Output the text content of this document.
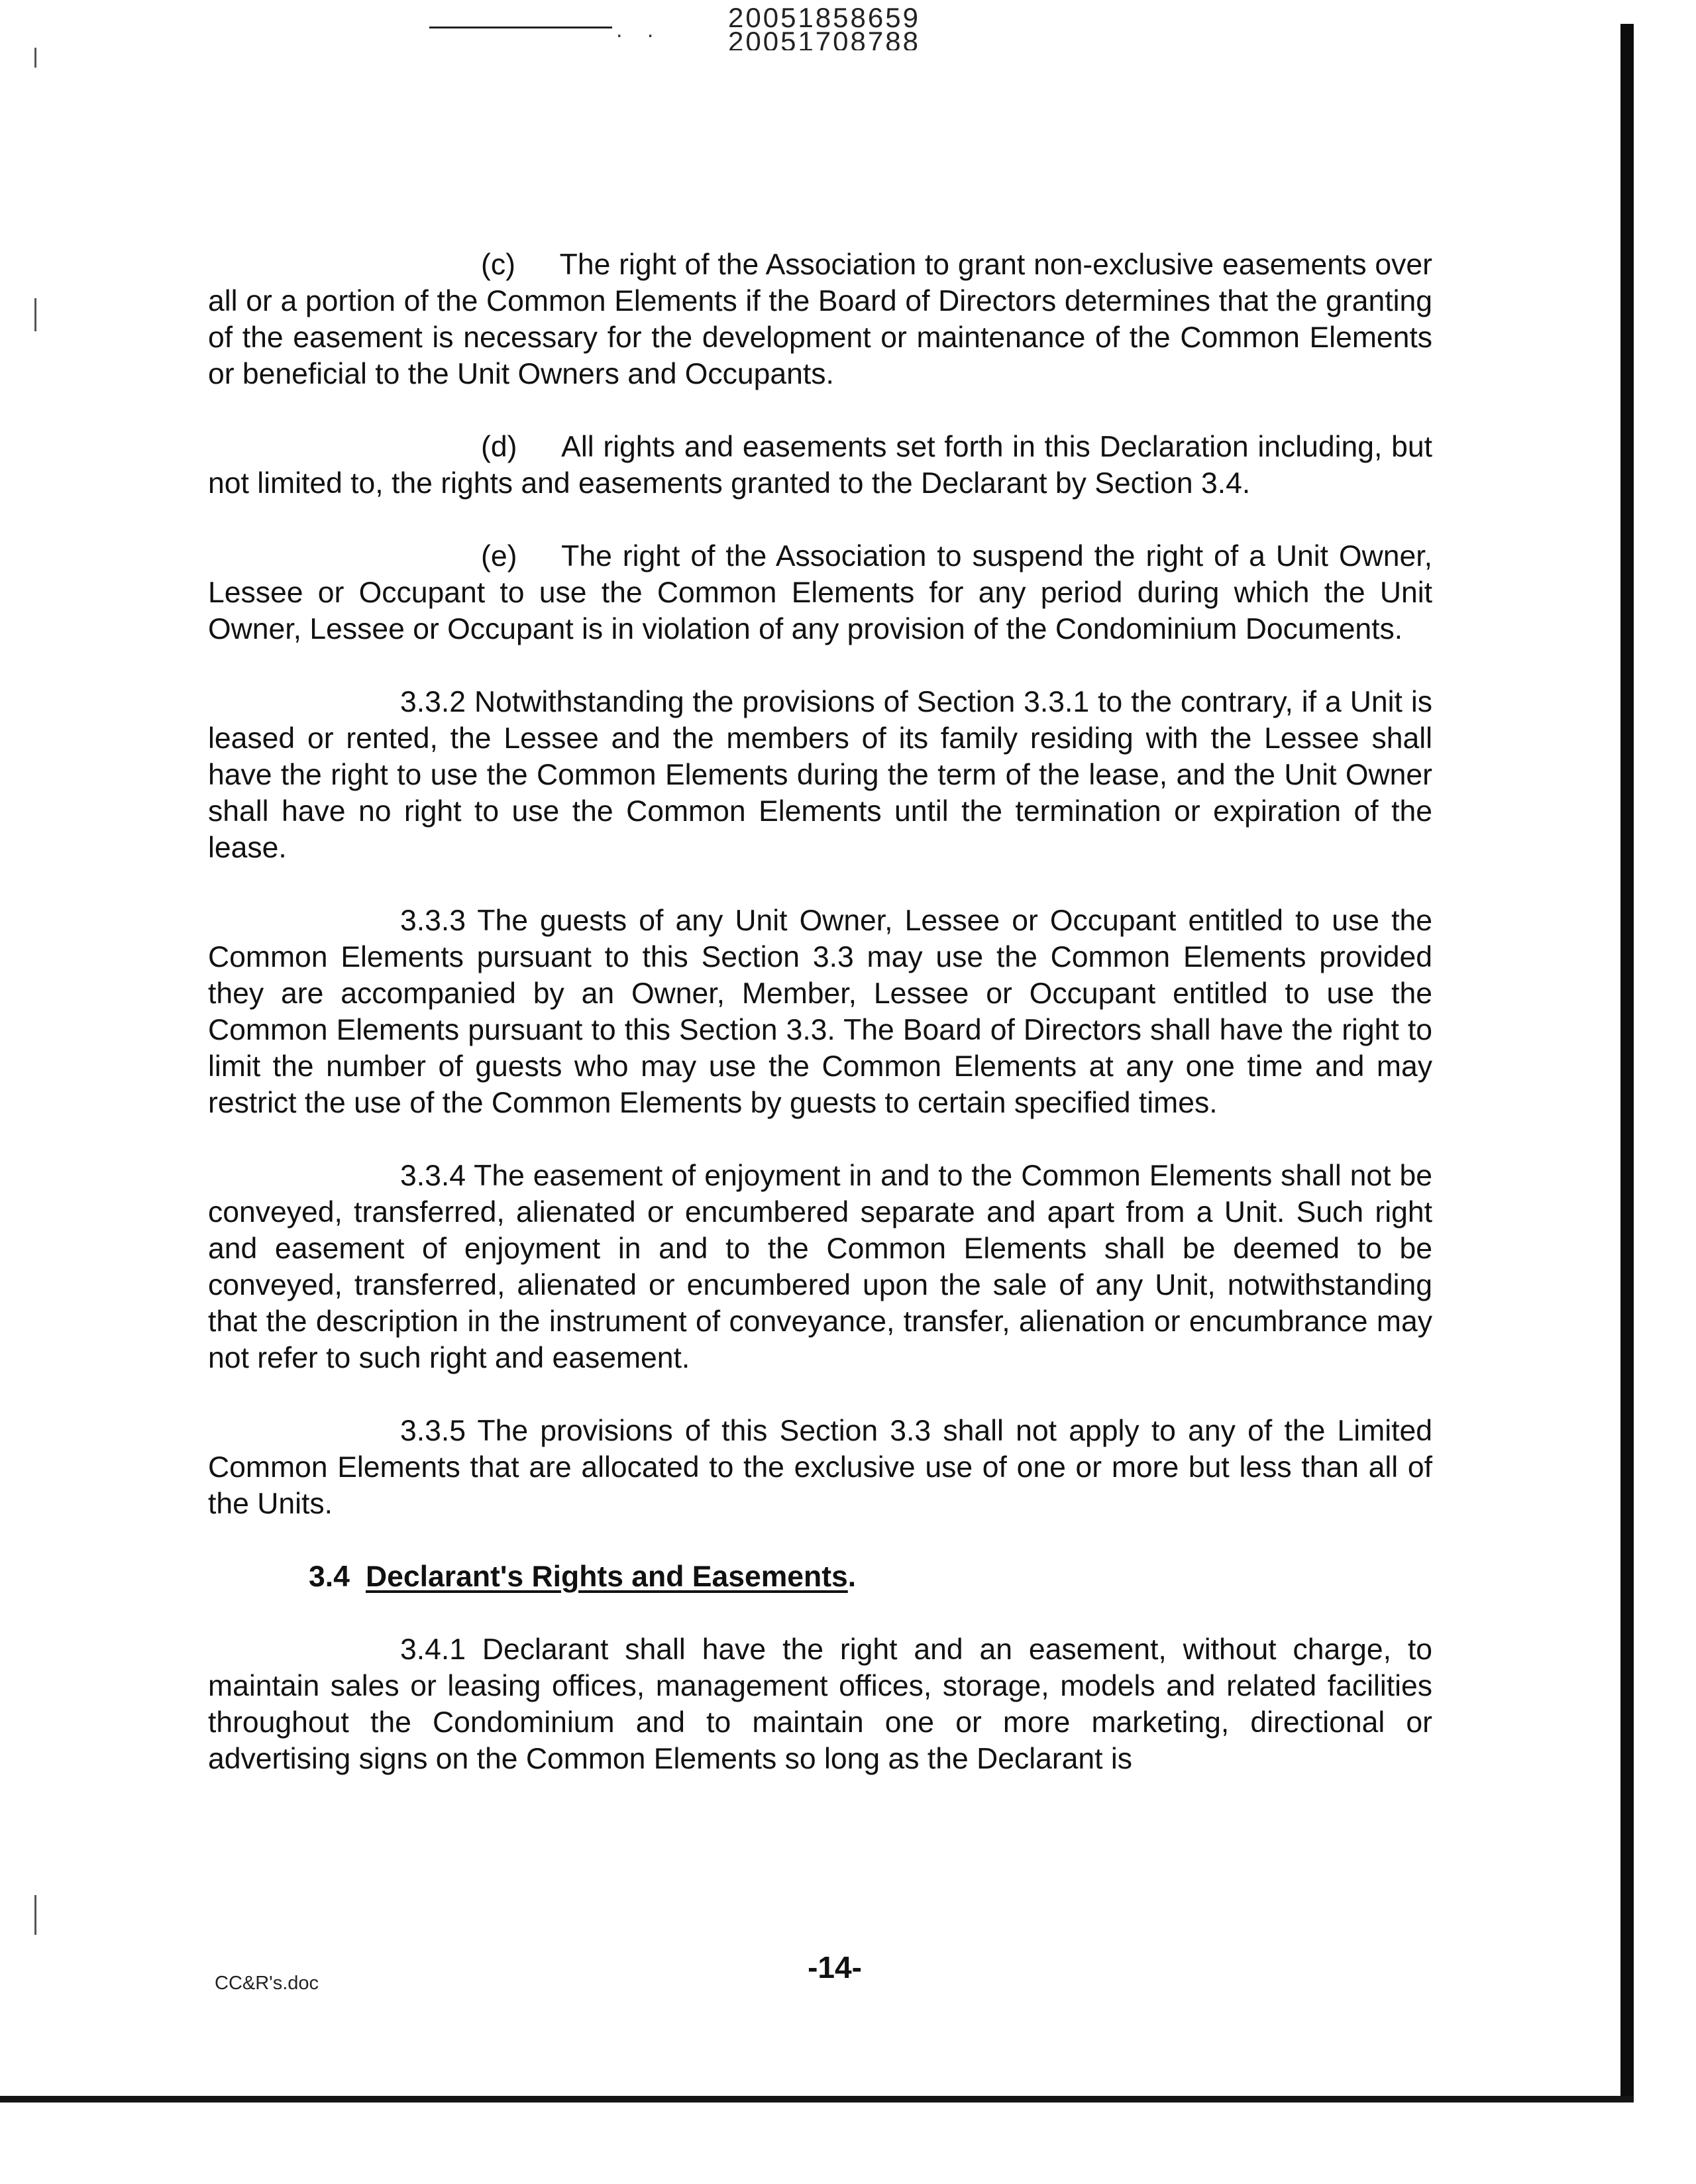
. .	20051858659
20051708788

(c)  The right of the Association to grant non-exclusive easements over all or a portion of the Common Elements if the Board of Directors determines that the granting of the easement is necessary for the development or maintenance of the Common Elements or beneficial to the Unit Owners and Occupants.

(d)  All rights and easements set forth in this Declaration including, but not limited to, the rights and easements granted to the Declarant by Section 3.4.

(e)  The right of the Association to suspend the right of a Unit Owner, Lessee or Occupant to use the Common Elements for any period during which the Unit Owner, Lessee or Occupant is in violation of any provision of the Condominium Documents.

3.3.2 Notwithstanding the provisions of Section 3.3.1 to the contrary, if a Unit is leased or rented, the Lessee and the members of its family residing with the Lessee shall have the right to use the Common Elements during the term of the lease, and the Unit Owner shall have no right to use the Common Elements until the termination or expiration of the lease.

3.3.3 The guests of any Unit Owner, Lessee or Occupant entitled to use the Common Elements pursuant to this Section 3.3 may use the Common Elements provided they are accompanied by an Owner, Member, Lessee or Occupant entitled to use the Common Elements pursuant to this Section 3.3. The Board of Directors shall have the right to limit the number of guests who may use the Common Elements at any one time and may restrict the use of the Common Elements by guests to certain specified times.

3.3.4 The easement of enjoyment in and to the Common Elements shall not be conveyed, transferred, alienated or encumbered separate and apart from a Unit. Such right and easement of enjoyment in and to the Common Elements shall be deemed to be conveyed, transferred, alienated or encumbered upon the sale of any Unit, notwithstanding that the description in the instrument of conveyance, transfer, alienation or encumbrance may not refer to such right and easement.

3.3.5 The provisions of this Section 3.3 shall not apply to any of the Limited Common Elements that are allocated to the exclusive use of one or more but less than all of the Units.

3.4 Declarant's Rights and Easements.

3.4.1 Declarant shall have the right and an easement, without charge, to maintain sales or leasing offices, management offices, storage, models and related facilities throughout the Condominium and to maintain one or more marketing, directional or advertising signs on the Common Elements so long as the Declarant is

CC&R's.doc	-14-
